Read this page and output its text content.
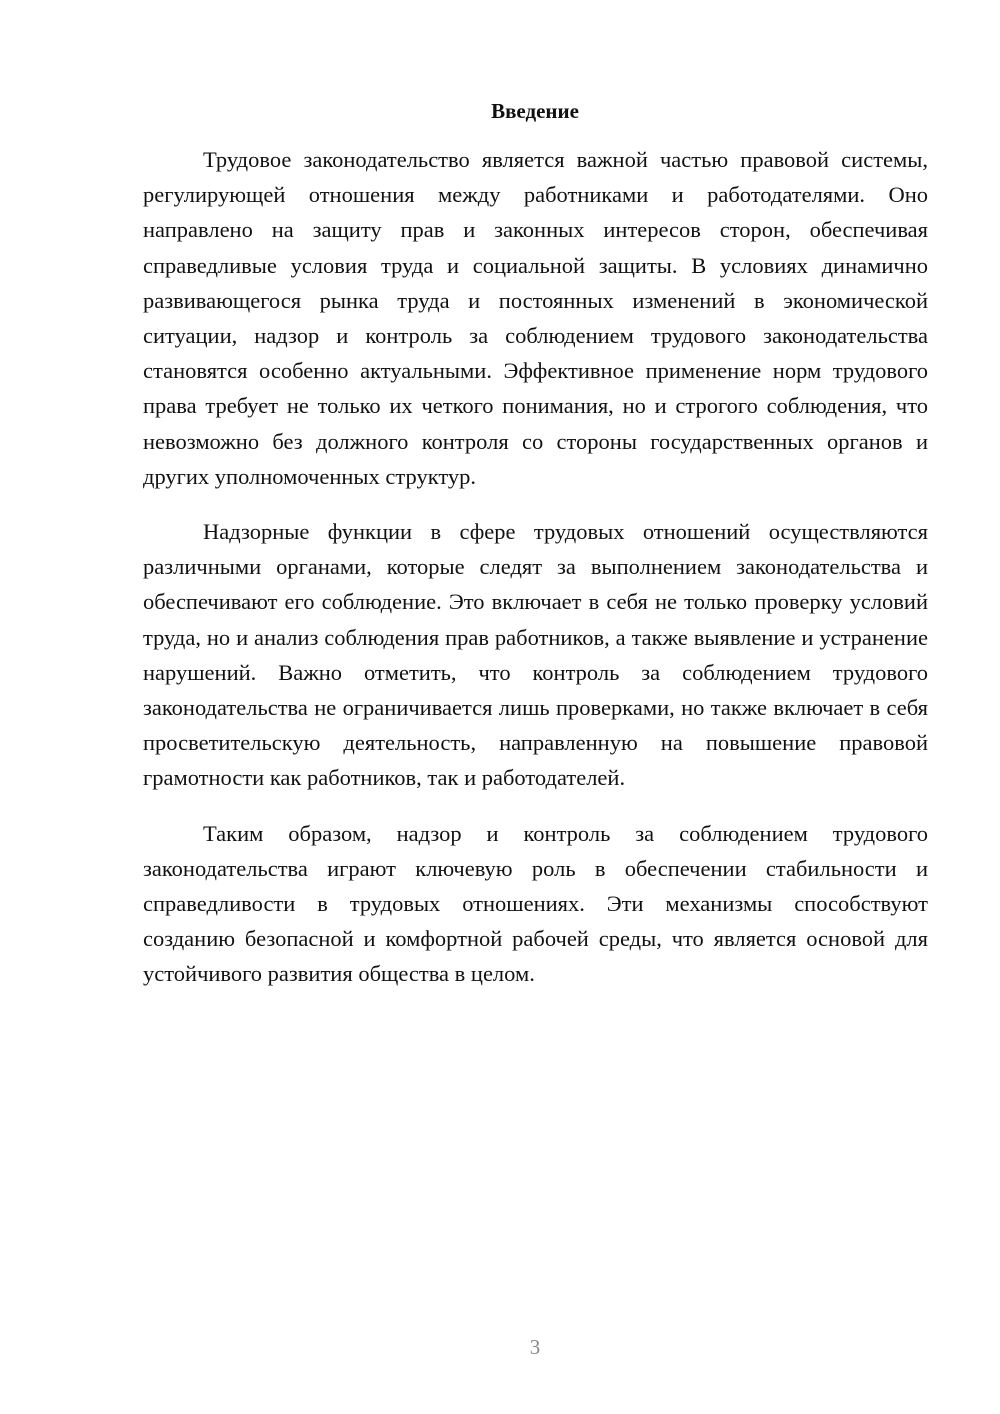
Введение

Трудовое законодательство является важной частью правовой системы, регулирующей отношения между работниками и работодателями. Оно направлено на защиту прав и законных интересов сторон, обеспечивая справедливые условия труда и социальной защиты. В условиях динамично развивающегося рынка труда и постоянных изменений в экономической ситуации, надзор и контроль за соблюдением трудового законодательства становятся особенно актуальными. Эффективное применение норм трудового права требует не только их четкого понимания, но и строгого соблюдения, что невозможно без должного контроля со стороны государственных органов и других уполномоченных структур.

Надзорные функции в сфере трудовых отношений осуществляются различными органами, которые следят за выполнением законодательства и обеспечивают его соблюдение. Это включает в себя не только проверку условий труда, но и анализ соблюдения прав работников, а также выявление и устранение нарушений. Важно отметить, что контроль за соблюдением трудового законодательства не ограничивается лишь проверками, но также включает в себя просветительскую деятельность, направленную на повышение правовой грамотности как работников, так и работодателей.

Таким образом, надзор и контроль за соблюдением трудового законодательства играют ключевую роль в обеспечении стабильности и справедливости в трудовых отношениях. Эти механизмы способствуют созданию безопасной и комфортной рабочей среды, что является основой для устойчивого развития общества в целом.

3
